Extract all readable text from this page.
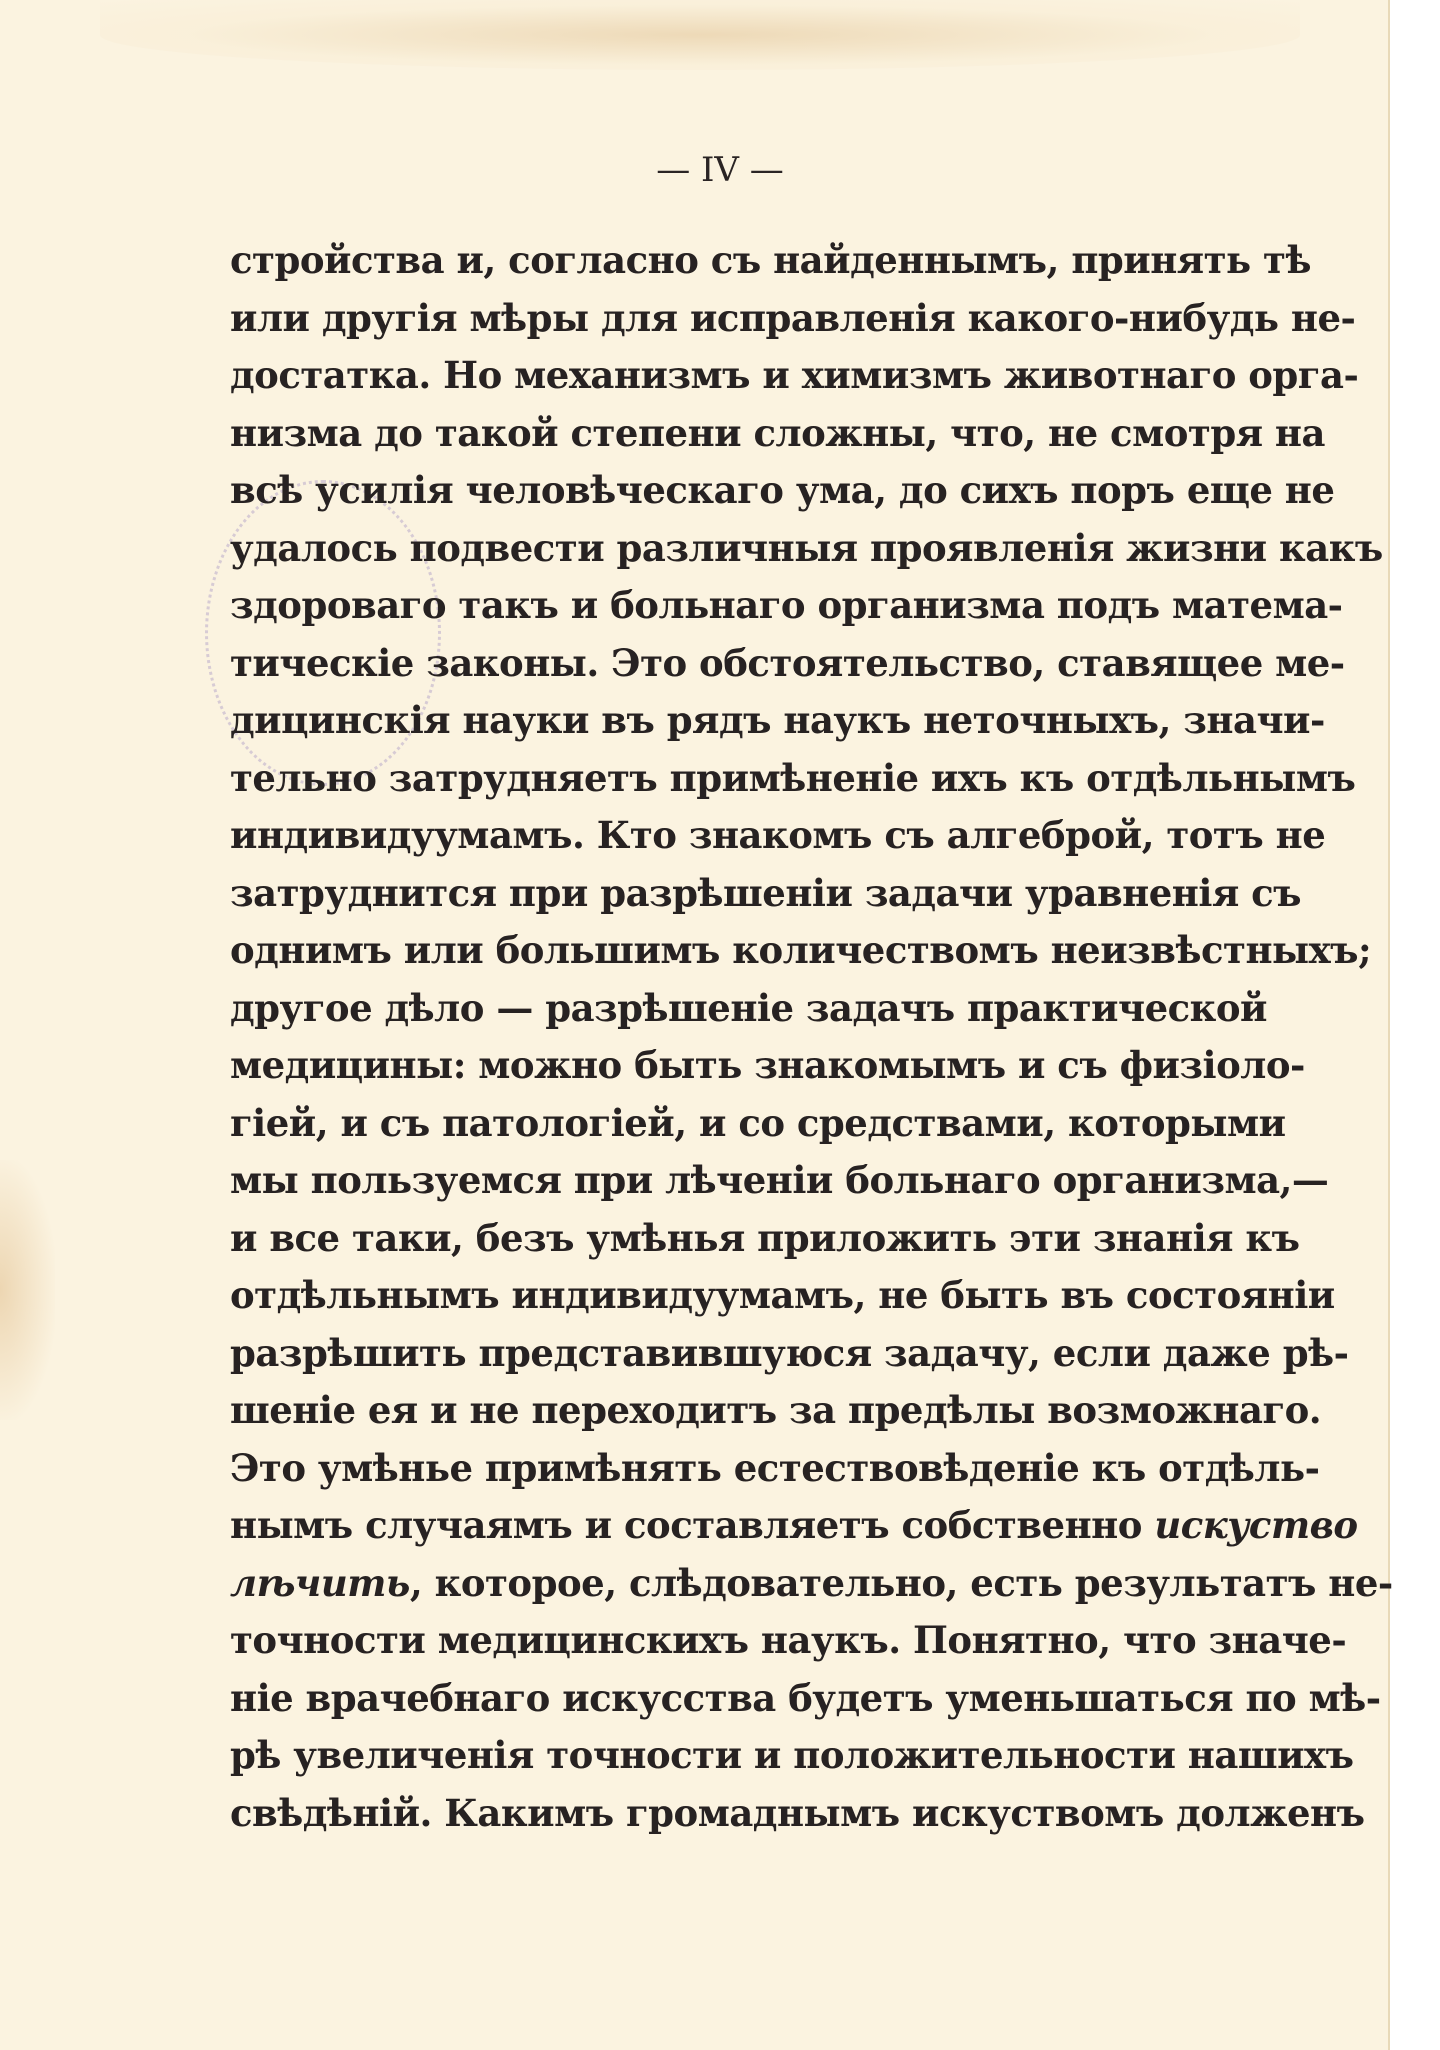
— IV —
стройства и, согласно съ найденнымъ, принять тѣ
или другія мѣры для исправленія какого-нибудь не-
достатка. Но механизмъ и химизмъ животнаго орга-
низма до такой степени сложны, что, не смотря на
всѣ усилія человѣческаго ума, до сихъ поръ еще не
удалось подвести различныя проявленія жизни какъ
здороваго такъ и больнаго организма подъ матема-
тическіе законы. Это обстоятельство, ставящее ме-
дицинскія науки въ рядъ наукъ неточныхъ, значи-
тельно затрудняетъ примѣненіе ихъ къ отдѣльнымъ
индивидуумамъ. Кто знакомъ съ алгеброй, тотъ не
затруднится при разрѣшеніи задачи уравненія съ
однимъ или большимъ количествомъ неизвѣстныхъ;
другое дѣло — разрѣшеніе задачъ практической
медицины: можно быть знакомымъ и съ физіоло-
гіей, и съ патологіей, и со средствами, которыми
мы пользуемся при лѣченіи больнаго организма,—
и все таки, безъ умѣнья приложить эти знанія къ
отдѣльнымъ индивидуумамъ, не быть въ состояніи
разрѣшить представившуюся задачу, если даже рѣ-
шеніе ея и не переходитъ за предѣлы возможнаго.
Это умѣнье примѣнять естествовѣденіе къ отдѣль-
нымъ случаямъ и составляетъ собственно искуство
лѣчить, которое, слѣдовательно, есть результатъ не-
точности медицинскихъ наукъ. Понятно, что значе-
ніе врачебнаго искусства будетъ уменьшаться по мѣ-
рѣ увеличенія точности и положительности нашихъ
свѣдѣній. Какимъ громаднымъ искуствомъ долженъ
